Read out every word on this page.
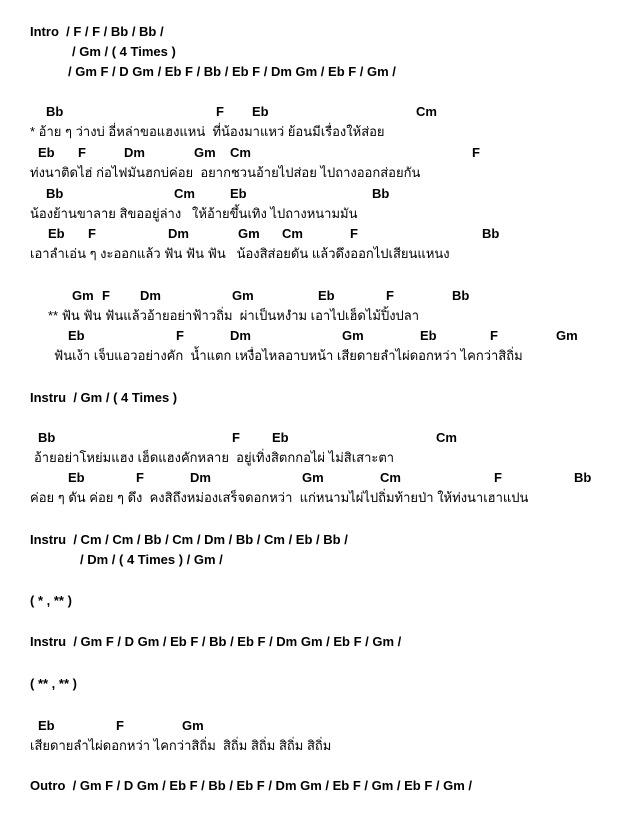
Intro  / F / F / Bb / Bb /
/ Gm / ( 4 Times )
/ Gm F / D Gm / Eb F / Bb / Eb F / Dm Gm / Eb F / Gm /
Bb	F Eb	Cm
* อ้าย ๆ ว่างบ่ อี่หล่าขอแฮงแหน่  ที่น้องมาแหว่ ย้อนมีเรื่องให้ส่อย
Eb F	Dm	Gm Cm	F
ท่งนาติดไฮ่ ก่อไฟมันฮกบ่ค่อย  อยากชวนอ้ายไปส่อย ไปถางออกส่อยกัน
Bb	Cm	Eb	Bb
น้องย้านขาลาย สิขออยู่ล่าง   ให้อ้ายขึ้นเทิง ไปถางหนามมัน
Eb F	Dm	Gm Cm	F	Bb
เอาลำเอ่น ๆ งะออกแล้ว ฟัน ฟัน ฟัน   น้องสิส่อยดัน แล้วดึงออกไปเสียนแหนง
Gm F Dm	Gm	Eb	F	Bb
** ฟัน ฟัน ฟันแล้วอ้ายอย่าฟ้าวถิ่ม  ผ่าเป็นหงำม เอาไปเฮ็ดไม้ปิ้งปลา
Eb	F	Dm	Gm	Eb	F	Gm
ฟันเง้า เจ็บแอวอย่างคัก  น้ำแตก เหงื่อไหลอาบหน้า เสียดายลำไผ่ดอกหว่า ไคกว่าสิถิ่ม
Instru  / Gm / ( 4 Times )
Bb	F Eb	Cm
อ้ายอย่าโหย่มแฮง เฮ็ดแฮงคักหลาย  อยู่เทิ่งสิตกกอไผ่ ไม่สิเสาะตา
Eb	F	Dm	Gm	Cm	F	Bb
ค่อย ๆ ดัน ค่อย ๆ ดึง  คงสิถึงหม่องเสร็จดอกหว่า  แก่หนามไผ่ไปถิ่มท้ายป่า ให้ท่งนาเฮาแปน
Instru  / Cm / Cm / Bb / Cm / Dm / Bb / Cm / Eb / Bb /
/ Dm / ( 4 Times ) / Gm /
( * , ** )
Instru  / Gm F / D Gm / Eb F / Bb / Eb F / Dm Gm / Eb F / Gm /
( ** , ** )
Eb	F	Gm
เสียดายลำไผ่ดอกหว่า ไคกว่าสิถิ่ม  สิถิ่ม สิถิ่ม สิถิ่ม สิถิ่ม
Outro  / Gm F / D Gm / Eb F / Bb / Eb F / Dm Gm / Eb F / Gm / Eb F / Gm /
